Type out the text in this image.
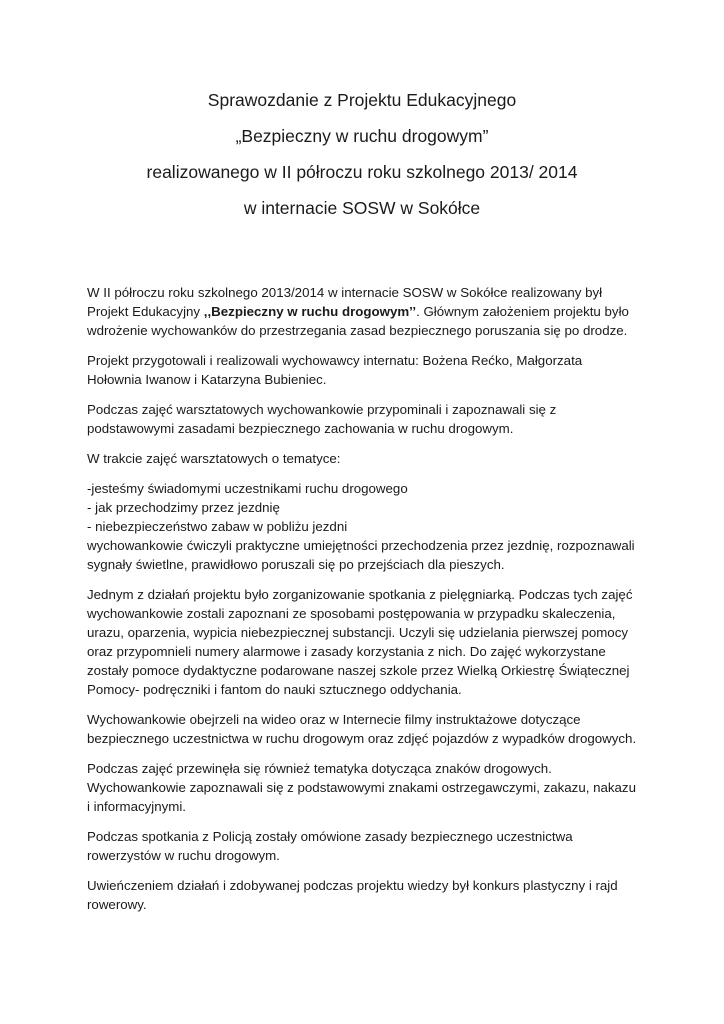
Sprawozdanie z Projektu Edukacyjnego

„Bezpieczny w ruchu drogowym”

realizowanego w II półroczu roku szkolnego 2013/ 2014

w internacie SOSW w Sokółce

W II półroczu roku szkolnego 2013/2014 w internacie SOSW w Sokółce realizowany był
Projekt Edukacyjny ,,Bezpieczny w ruchu drogowym’’. Głównym założeniem projektu było
wdrożenie wychowanków do przestrzegania zasad bezpiecznego poruszania się po drodze.

Projekt przygotowali i realizowali wychowawcy internatu: Bożena Rećko, Małgorzata
Hołownia Iwanow i Katarzyna Bubieniec.

Podczas zajęć warsztatowych wychowankowie przypominali i zapoznawali się z
podstawowymi zasadami bezpiecznego zachowania w ruchu drogowym.

W trakcie zajęć warsztatowych o tematyce:

-jesteśmy świadomymi uczestnikami ruchu drogowego
- jak przechodzimy przez jezdnię
- niebezpieczeństwo zabaw w pobliżu jezdni
wychowankowie ćwiczyli praktyczne umiejętności przechodzenia przez jezdnię, rozpoznawali
sygnały świetlne, prawidłowo poruszali się po przejściach dla pieszych.

Jednym z działań projektu było zorganizowanie spotkania z pielęgniarką. Podczas tych zajęć
wychowankowie zostali zapoznani ze sposobami postępowania w przypadku skaleczenia,
urazu, oparzenia, wypicia niebezpiecznej substancji. Uczyli się udzielania pierwszej pomocy
oraz przypomnieli numery alarmowe i zasady korzystania z nich. Do zajęć wykorzystane
zostały pomoce dydaktyczne podarowane naszej szkole przez Wielką Orkiestrę Świątecznej
Pomocy- podręczniki i fantom do nauki sztucznego oddychania.

Wychowankowie obejrzeli na wideo oraz w Internecie filmy instruktażowe dotyczące
bezpiecznego uczestnictwa w ruchu drogowym oraz zdjęć pojazdów z wypadków drogowych.

Podczas zajęć przewinęła się również tematyka dotycząca znaków drogowych.
Wychowankowie zapoznawali się z podstawowymi znakami ostrzegawczymi, zakazu, nakazu
i informacyjnymi.

Podczas spotkania z Policją zostały omówione zasady bezpiecznego uczestnictwa
rowerzystów w ruchu drogowym.

Uwieńczeniem działań i zdobywanej podczas projektu wiedzy był konkurs plastyczny i rajd
rowerowy.
